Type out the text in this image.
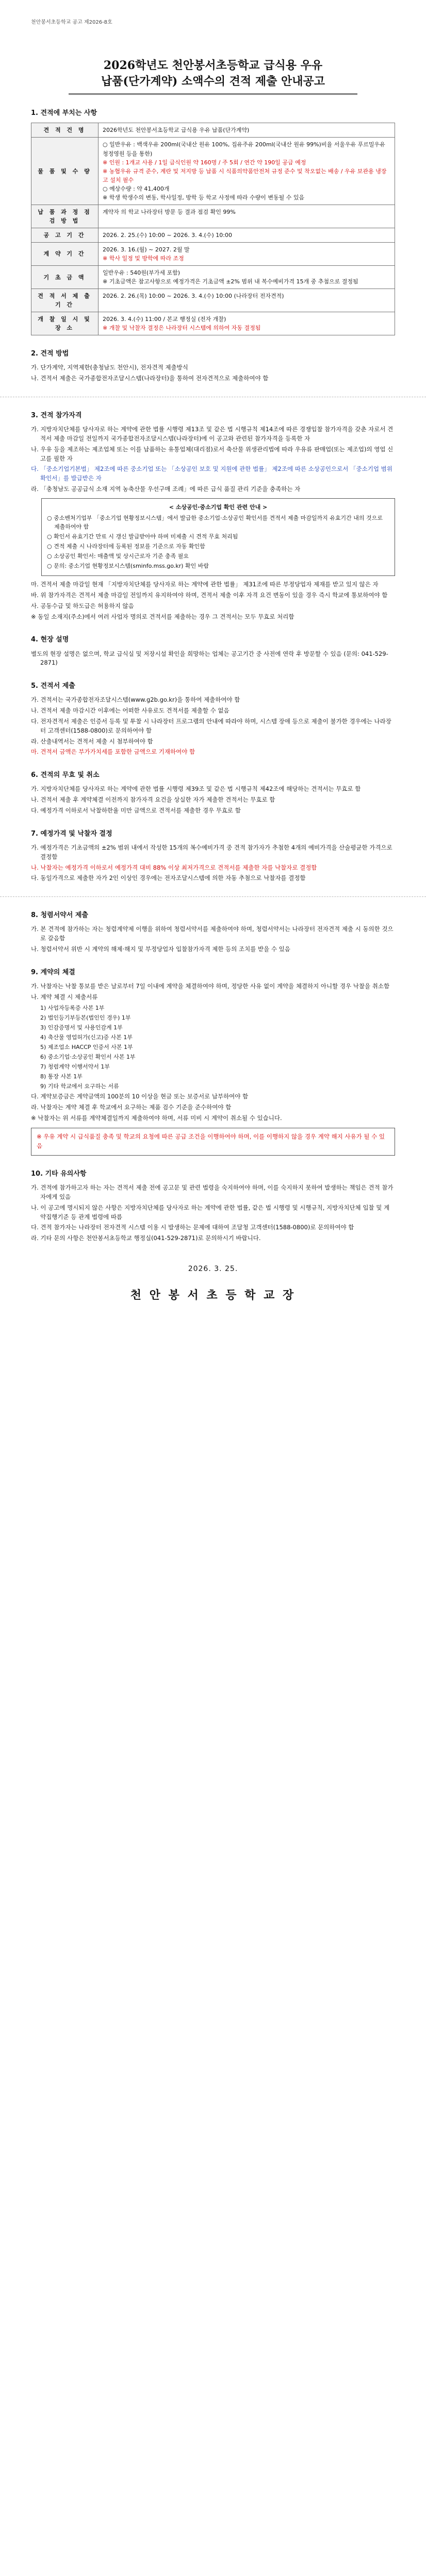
천안봉서초등학교 공고 제2026-8호
2026학년도 천안봉서초등학교 급식용 우유
납품(단가계약) 소액수의 견적 제출 안내공고
1. 견적에 부치는 사항
견 적 건 명	2026학년도 천안봉서초등학교 급식용 우유 납품(단가계약)
물 품 및 수 량	○ 일반우유 : 백색우유 200ml(국내산 원유 100%, 집유주유 200ml(국내산 원유 99%)비율 서울우유 푸르밀우유 청정영원 등을 통한)
※ 인원 : 1개교 사용 / 1일 급식인원 약 160명 / 주 5회 / 연간 약 190일 공급 예정
※ 농협우유 규격 준수, 계란 및 저지방 등 납품 시 식품의약품안전처 규정 준수 및 착오없는 배송 / 우유 보관용 냉장고 설치 필수
○ 예상수량 : 약 41,400개
※ 학생 학생수의 변동, 학사일정, 방학 등 학교 사정에 따라 수량이 변동될 수 있음

납 품 과 정 점 검 방 법	계약자 의 학교 나라장터 방문 등 결과 점검 확인 99%
공 고 기 간	2026. 2. 25.(수) 10:00 ~ 2026. 3. 4.(수) 10:00
계 약 기 간	2026. 3. 16.(월) ~ 2027. 2월 말
※ 학사 일정 및 방학에 따라 조정

기 초 금 액	일반우유 : 540원(부가세 포함)
※ 기초금액은 참고사항으로 예정가격은 기초금액 ±2% 범위 내 복수예비가격 15개 중 추첨으로 결정됨

견 적 서 제 출 기 간	2026. 2. 26.(목) 10:00 ~ 2026. 3. 4.(수) 10:00 (나라장터 전자견적)
개 찰 일 시 및 장 소	2026. 3. 4.(수) 11:00 / 본교 행정실 (전자 개찰)
※ 개찰 및 낙찰자 결정은 나라장터 시스템에 의하여 자동 결정됨
2. 견적 방법

가. 단가계약, 지역제한(충청남도 천안시), 전자견적 제출방식

나. 견적서 제출은 국가종합전자조달시스템(나라장터)을 통하여 전자견적으로 제출하여야 함

3. 견적 참가자격

가. 지방자치단체를 당사자로 하는 계약에 관한 법률 시행령 제13조 및 같은 법 시행규칙 제14조에 따른 경쟁입찰 참가자격을 갖춘 자로서 견적서 제출 마감일 전일까지 국가종합전자조달시스템(나라장터)에 이 공고와 관련된 참가자격을 등록한 자

나. 우유 등을 제조하는 제조업체 또는 이를 납품하는 유통업체(대리점)로서 축산물 위생관리법에 따라 우유류 판매업(또는 제조업)의 영업 신고를 필한 자

다. 「중소기업기본법」 제2조에 따른 중소기업 또는 「소상공인 보호 및 지원에 관한 법률」 제2조에 따른 소상공인으로서 「중소기업 범위 확인서」를 발급받은 자

라. 「충청남도 공공급식 소재 지역 농축산물 우선구매 조례」에 따른 급식 품질 관리 기준을 충족하는 자

< 소상공인·중소기업 확인 관련 안내 >

○ 중소벤처기업부 「중소기업 현황정보시스템」에서 발급한 중소기업·소상공인 확인서를 견적서 제출 마감일까지 유효기간 내의 것으로 제출하여야 함

○ 확인서 유효기간 만료 시 갱신 발급받아야 하며 미제출 시 견적 무효 처리됨

○ 견적 제출 시 나라장터에 등록된 정보를 기준으로 자동 확인함

○ 소상공인 확인서: 매출액 및 상시근로자 기준 충족 필요

○ 문의: 중소기업 현황정보시스템(sminfo.mss.go.kr) 확인 바람

마. 견적서 제출 마감일 현재 「지방자치단체를 당사자로 하는 계약에 관한 법률」 제31조에 따른 부정당업자 제재를 받고 있지 않은 자

바. 위 참가자격은 견적서 제출 마감일 전일까지 유지하여야 하며, 견적서 제출 이후 자격 요건 변동이 있을 경우 즉시 학교에 통보하여야 함

사. 공동수급 및 하도급은 허용하지 않음

※ 동일 소재지(주소)에서 여러 사업자 명의로 견적서를 제출하는 경우 그 견적서는 모두 무효로 처리함

4. 현장 설명

별도의 현장 설명은 없으며, 학교 급식실 및 저장시설 확인을 희망하는 업체는 공고기간 중 사전에 연락 후 방문할 수 있음 (문의: 041-529-2871)

5. 견적서 제출

가. 견적서는 국가종합전자조달시스템(www.g2b.go.kr)을 통하여 제출하여야 함

나. 견적서 제출 마감시간 이후에는 어떠한 사유로도 견적서를 제출할 수 없음

다. 전자견적서 제출은 인증서 등록 및 투찰 시 나라장터 프로그램의 안내에 따라야 하며, 시스템 장애 등으로 제출이 불가한 경우에는 나라장터 고객센터(1588-0800)로 문의하여야 함

라. 산출내역서는 견적서 제출 시 첨부하여야 함

마. 견적서 금액은 부가가치세를 포함한 금액으로 기재하여야 함

6. 견적의 무효 및 취소

가. 지방자치단체를 당사자로 하는 계약에 관한 법률 시행령 제39조 및 같은 법 시행규칙 제42조에 해당하는 견적서는 무효로 함

나. 견적서 제출 후 계약체결 이전까지 참가자격 요건을 상실한 자가 제출한 견적서는 무효로 함

다. 예정가격 이하로서 낙찰하한율 미만 금액으로 견적서를 제출한 경우 무효로 함

7. 예정가격 및 낙찰자 결정

가. 예정가격은 기초금액의 ±2% 범위 내에서 작성한 15개의 복수예비가격 중 견적 참가자가 추첨한 4개의 예비가격을 산술평균한 가격으로 결정함

나. 낙찰자는 예정가격 이하로서 예정가격 대비 88% 이상 최저가격으로 견적서를 제출한 자를 낙찰자로 결정함

다. 동일가격으로 제출한 자가 2인 이상인 경우에는 전자조달시스템에 의한 자동 추첨으로 낙찰자를 결정함

8. 청렴서약서 제출

가. 본 견적에 참가하는 자는 청렴계약제 이행을 위하여 청렴서약서를 제출하여야 하며, 청렴서약서는 나라장터 전자견적 제출 시 동의한 것으로 갈음함

나. 청렴서약서 위반 시 계약의 해제·해지 및 부정당업자 입찰참가자격 제한 등의 조치를 받을 수 있음

9. 계약의 체결

가. 낙찰자는 낙찰 통보를 받은 날로부터 7일 이내에 계약을 체결하여야 하며, 정당한 사유 없이 계약을 체결하지 아니할 경우 낙찰을 취소함

나. 계약 체결 시 제출서류

1) 사업자등록증 사본 1부

2) 법인등기부등본(법인인 경우) 1부

3) 인감증명서 및 사용인감계 1부

4) 축산물 영업허가(신고)증 사본 1부

5) 제조업소 HACCP 인증서 사본 1부

6) 중소기업·소상공인 확인서 사본 1부

7) 청렴계약 이행서약서 1부

8) 통장 사본 1부

9) 기타 학교에서 요구하는 서류

다. 계약보증금은 계약금액의 100분의 10 이상을 현금 또는 보증서로 납부하여야 함

라. 낙찰자는 계약 체결 후 학교에서 요구하는 제품 검수 기준을 준수하여야 함

※ 낙찰자는 위 서류를 계약체결일까지 제출하여야 하며, 서류 미비 시 계약이 취소될 수 있습니다.

※ 우유 계약 시 급식품질 충족 및 학교의 요청에 따른 공급 조건을 이행하여야 하며, 이를 이행하지 않을 경우 계약 해지 사유가 될 수 있음
10. 기타 유의사항

가. 견적에 참가하고자 하는 자는 견적서 제출 전에 공고문 및 관련 법령을 숙지하여야 하며, 이를 숙지하지 못하여 발생하는 책임은 견적 참가자에게 있음

나. 이 공고에 명시되지 않은 사항은 지방자치단체를 당사자로 하는 계약에 관한 법률, 같은 법 시행령 및 시행규칙, 지방자치단체 입찰 및 계약집행기준 등 관계 법령에 따름

다. 견적 참가자는 나라장터 전자견적 시스템 이용 시 발생하는 문제에 대하여 조달청 고객센터(1588-0800)로 문의하여야 함

라. 기타 문의 사항은 천안봉서초등학교 행정실(041-529-2871)로 문의하시기 바랍니다.

2026. 3. 25.
천 안 봉 서 초 등 학 교 장
